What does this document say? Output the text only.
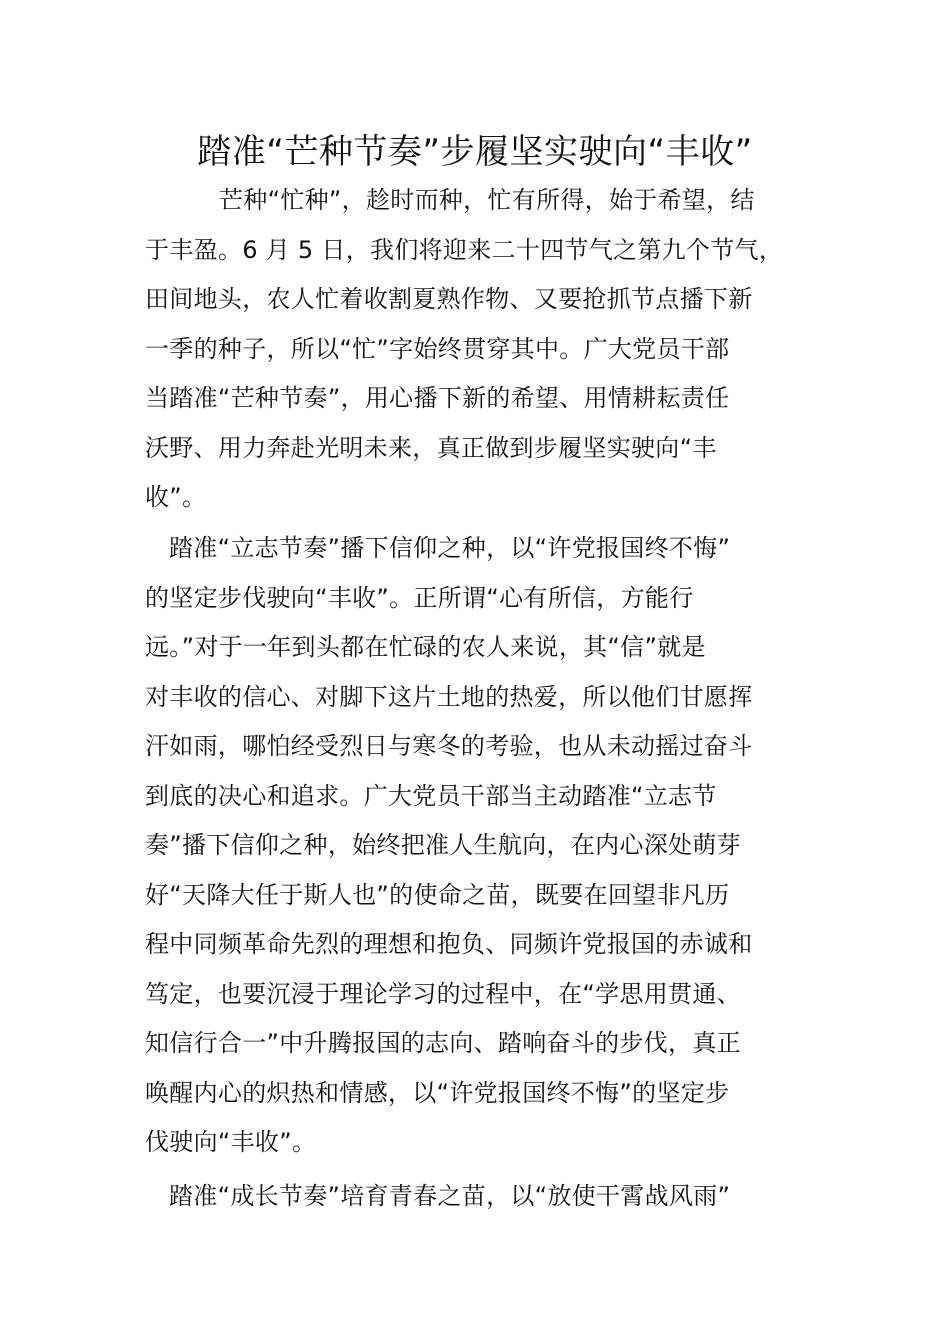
踏准“芒种节奏”步履坚实驶向“丰收”
芒种“忙种”，趁时而种，忙有所得，始于希望，结
于丰盈。6 月 5 日，我们将迎来二十四节气之第九个节气，
田间地头，农人忙着收割夏熟作物、又要抢抓节点播下新
一季的种子，所以“忙”字始终贯穿其中。广大党员干部
当踏准“芒种节奏”，用心播下新的希望、用情耕耘责任
沃野、用力奔赴光明未来，真正做到步履坚实驶向“丰
收”。
踏准“立志节奏”播下信仰之种，以“许党报国终不悔”
的坚定步伐驶向“丰收”。正所谓“心有所信，方能行
远。”对于一年到头都在忙碌的农人来说，其“信”就是
对丰收的信心、对脚下这片土地的热爱，所以他们甘愿挥
汗如雨，哪怕经受烈日与寒冬的考验，也从未动摇过奋斗
到底的决心和追求。广大党员干部当主动踏准“立志节
奏”播下信仰之种，始终把准人生航向，在内心深处萌芽
好“天降大任于斯人也”的使命之苗，既要在回望非凡历
程中同频革命先烈的理想和抱负、同频许党报国的赤诚和
笃定，也要沉浸于理论学习的过程中，在“学思用贯通、
知信行合一”中升腾报国的志向、踏响奋斗的步伐，真正
唤醒内心的炽热和情感，以“许党报国终不悔”的坚定步
伐驶向“丰收”。
踏准“成长节奏”培育青春之苗，以“放使干霄战风雨”
